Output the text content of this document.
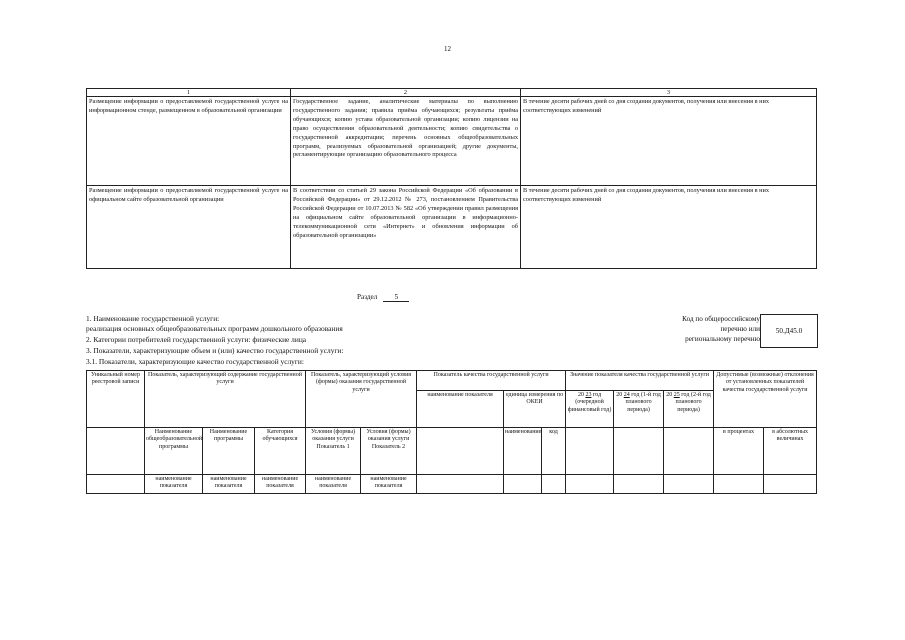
12
1	2	3
Размещение информации о предоставляемой государственной услуге на информационном стенде, размещенном в образовательной организации	Государственное задание, аналитические материалы по выполнению государственного задания; правила приёма обучающихся; результаты приёма обучающихся; копию устава образовательной организации; копию лицензии на право осуществления образовательной деятельности; копию свидетельства о государственной аккредитации; перечень основных общеобразовательных программ, реализуемых образовательной организацией; другие документы, регламентирующие организацию образовательного процесса	В течение десяти рабочих дней со дня создания документов, получения или внесения в них соответствующих изменений
Размещение информации о предоставляемой государственной услуге на официальном сайте образовательной организации	В соответствии со статьей 29 закона Российской Федерации «Об образовании в Российской Федерации» от 29.12.2012 № 273, постановлением Правительства Российской Федерации от 10.07.2013 № 582 «Об утверждении правил размещения на официальном сайте образовательной организации в информационно-телекоммуникационной сети «Интернет» и обновления информации об образовательной организации»	В течение десяти рабочих дней со дня создания документов, получения или внесения в них соответствующих изменений
Раздел 5
1. Наименование государственной услуги:
реализация основных общеобразовательных программ дошкольного образования
2. Категории потребителей государственной услуги: физические лица
3. Показатели, характеризующие объем и (или) качество государственной услуги:
3.1. Показатели, характеризующие качество государственной услуги:
Код по общероссийскому
перечню или
региональному перечню
50.Д45.0
Уникальный номер реестровой записи	Показатель, характеризующий содержание государственной услуги			Показатель, характеризующий условия (формы) оказания государственной услуги		Показатель качества государственной услуги			Значение показателя качества государственной услуги			Допустимые (возможные) отклонения от установленных показателей качества государственной услуги	
						наименование показателя	единица измерения по ОКЕИ		20 23 год (очередной финансовый год)	20 24 год (1-й год планового периода)	20 25 год (2-й год планового периода)		
	Наименование общеобразовательной программы	Наименование программы	Категория обучающихся	Условия (формы) оказания услуги Показатель 1	Условия (формы) оказания услуги Показатель 2		наименование	код				в процентах	в абсолютных величинах
	наименование показателя	наименование показателя	наименование показателя	наименование показателя	наименование показателя								
